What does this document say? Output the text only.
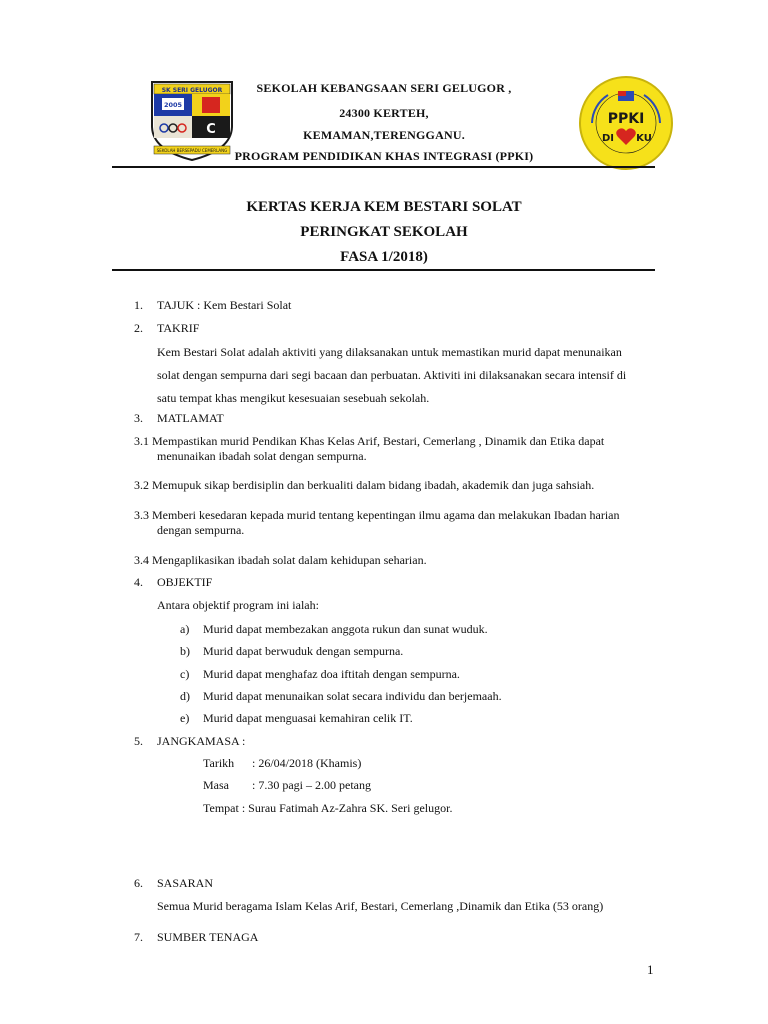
SK SERI GELUGOR
2005
C
SEKOLAH BERSEPADU CEMERLANG
SEKOLAH KEBANGSAAN SERI GELUGOR ,
24300 KERTEH,
KEMAMAN,TERENGGANU.
PROGRAM PENDIDIKAN KHAS INTEGRASI (PPKI)
PPKI
DI KU
KERTAS KERJA KEM BESTARI SOLAT
PERINGKAT SEKOLAH
FASA 1/2018)
1.	TAJUK : Kem Bestari Solat
2.	TAKRIF
Kem Bestari Solat adalah aktiviti yang dilaksanakan untuk memastikan murid dapat menunaikan
solat dengan sempurna dari segi bacaan dan perbuatan. Aktiviti ini dilaksanakan secara intensif di
satu tempat khas mengikut kesesuaian sesebuah sekolah.
3.	MATLAMAT
3.1 Mempastikan murid Pendikan Khas Kelas Arif, Bestari, Cemerlang , Dinamik dan Etika dapat
menunaikan ibadah solat dengan sempurna.
3.2 Memupuk sikap berdisiplin dan berkualiti dalam bidang ibadah, akademik dan juga sahsiah.
3.3 Memberi kesedaran kepada murid tentang kepentingan ilmu agama dan melakukan Ibadan harian
dengan sempurna.
3.4 Mengaplikasikan ibadah solat dalam kehidupan seharian.
4.	OBJEKTIF
Antara objektif program ini ialah:
a) Murid dapat membezakan anggota rukun dan sunat wuduk.
b) Murid dapat berwuduk dengan sempurna.
c) Murid dapat menghafaz doa iftitah dengan sempurna.
d) Murid dapat menunaikan solat secara individu dan berjemaah.
e) Murid dapat menguasai kemahiran celik IT.
5.	JANGKAMASA :
Tarikh : 26/04/2018 (Khamis)
Masa : 7.30 pagi – 2.00 petang
Tempat : Surau Fatimah Az-Zahra SK. Seri gelugor.
6.	SASARAN
Semua Murid beragama Islam Kelas Arif, Bestari, Cemerlang ,Dinamik dan Etika (53 orang)
7.	SUMBER TENAGA
1
